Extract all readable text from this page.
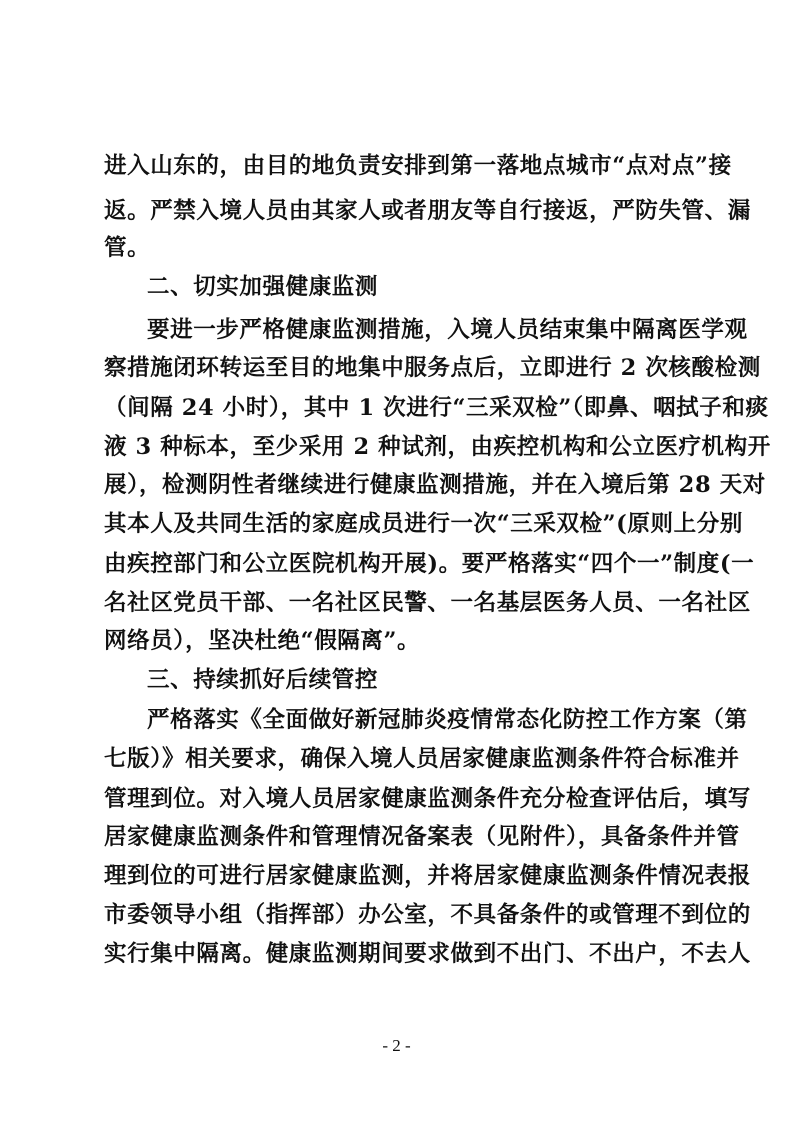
进入山东的，由目的地负责安排到第一落地点城市“点对点”接
返。严禁入境人员由其家人或者朋友等自行接返，严防失管、漏
管。
二、切实加强健康监测
要进一步严格健康监测措施，入境人员结束集中隔离医学观
察措施闭环转运至目的地集中服务点后，立即进行 2 次核酸检测
（间隔 24 小时），其中 1 次进行“三采双检”（即鼻、咽拭子和痰
液 3 种标本，至少采用 2 种试剂，由疾控机构和公立医疗机构开
展），检测阴性者继续进行健康监测措施，并在入境后第 28 天对
其本人及共同生活的家庭成员进行一次“三采双检”(原则上分别
由疾控部门和公立医院机构开展)。要严格落实“四个一”制度(一
名社区党员干部、一名社区民警、一名基层医务人员、一名社区
网络员），坚决杜绝“假隔离”。
三、持续抓好后续管控
严格落实《全面做好新冠肺炎疫情常态化防控工作方案（第
七版）》相关要求，确保入境人员居家健康监测条件符合标准并
管理到位。对入境人员居家健康监测条件充分检查评估后，填写
居家健康监测条件和管理情况备案表（见附件），具备条件并管
理到位的可进行居家健康监测，并将居家健康监测条件情况表报
市委领导小组（指挥部）办公室，不具备条件的或管理不到位的
实行集中隔离。健康监测期间要求做到不出门、不出户，不去人
- 2 -
